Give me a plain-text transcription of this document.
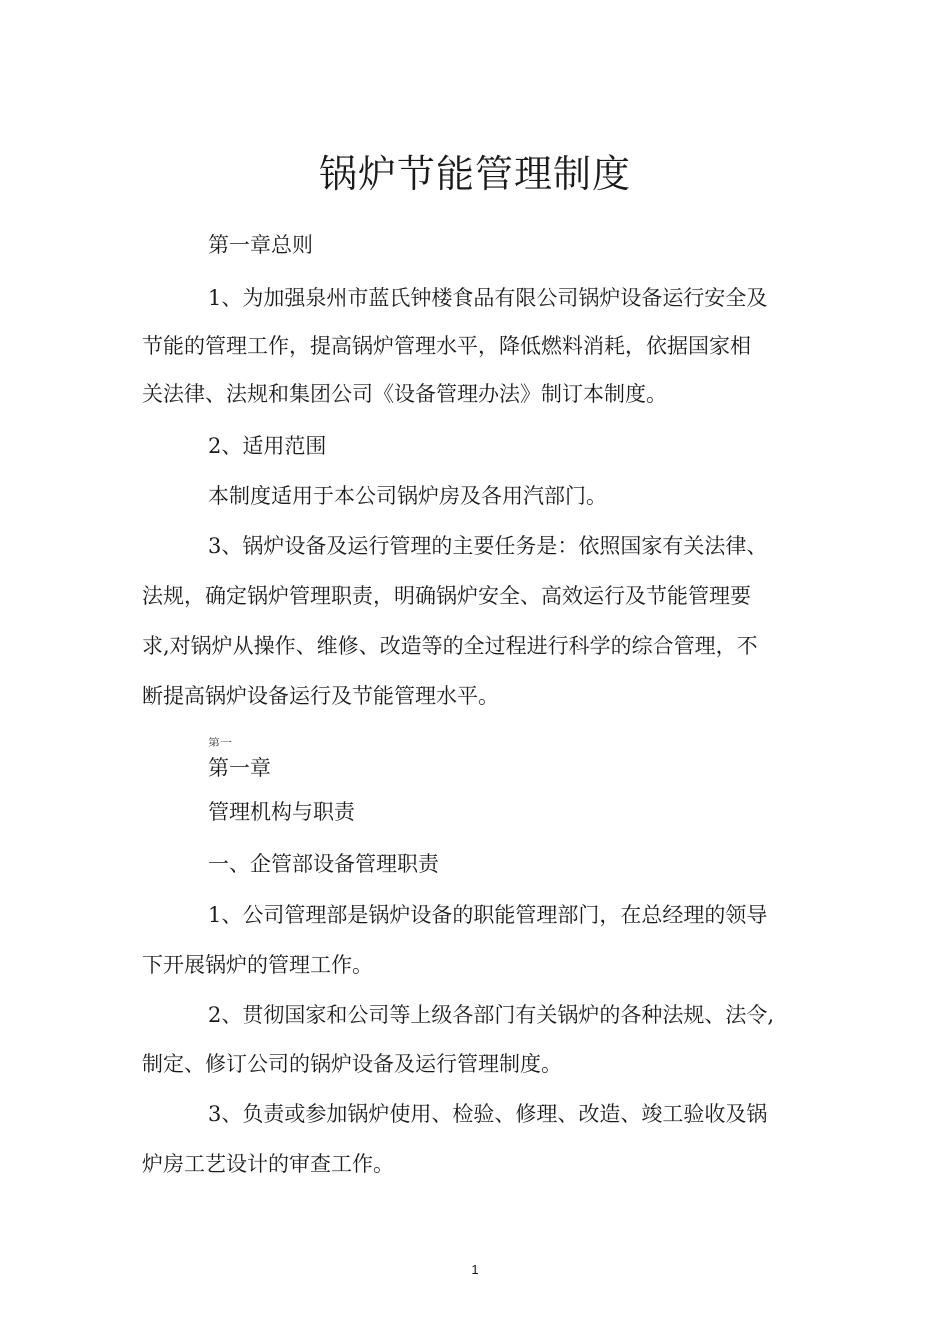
锅炉节能管理制度

第一章总则

1、为加强泉州市蓝氏钟楼食品有限公司锅炉设备运行安全及

节能的管理工作，提高锅炉管理水平，降低燃料消耗，依据国家相

关法律、法规和集团公司《设备管理办法》制订本制度。

2、适用范围

本制度适用于本公司锅炉房及各用汽部门。

3、锅炉设备及运行管理的主要任务是：依照国家有关法律、

法规，确定锅炉管理职责，明确锅炉安全、高效运行及节能管理要

求,对锅炉从操作、维修、改造等的全过程进行科学的综合管理，不

断提高锅炉设备运行及节能管理水平。

第一

第一章

管理机构与职责

一、企管部设备管理职责

1、公司管理部是锅炉设备的职能管理部门，在总经理的领导

下开展锅炉的管理工作。

2、贯彻国家和公司等上级各部门有关锅炉的各种法规、法令,

制定、修订公司的锅炉设备及运行管理制度。

3、负责或参加锅炉使用、检验、修理、改造、竣工验收及锅

炉房工艺设计的审查工作。

1
